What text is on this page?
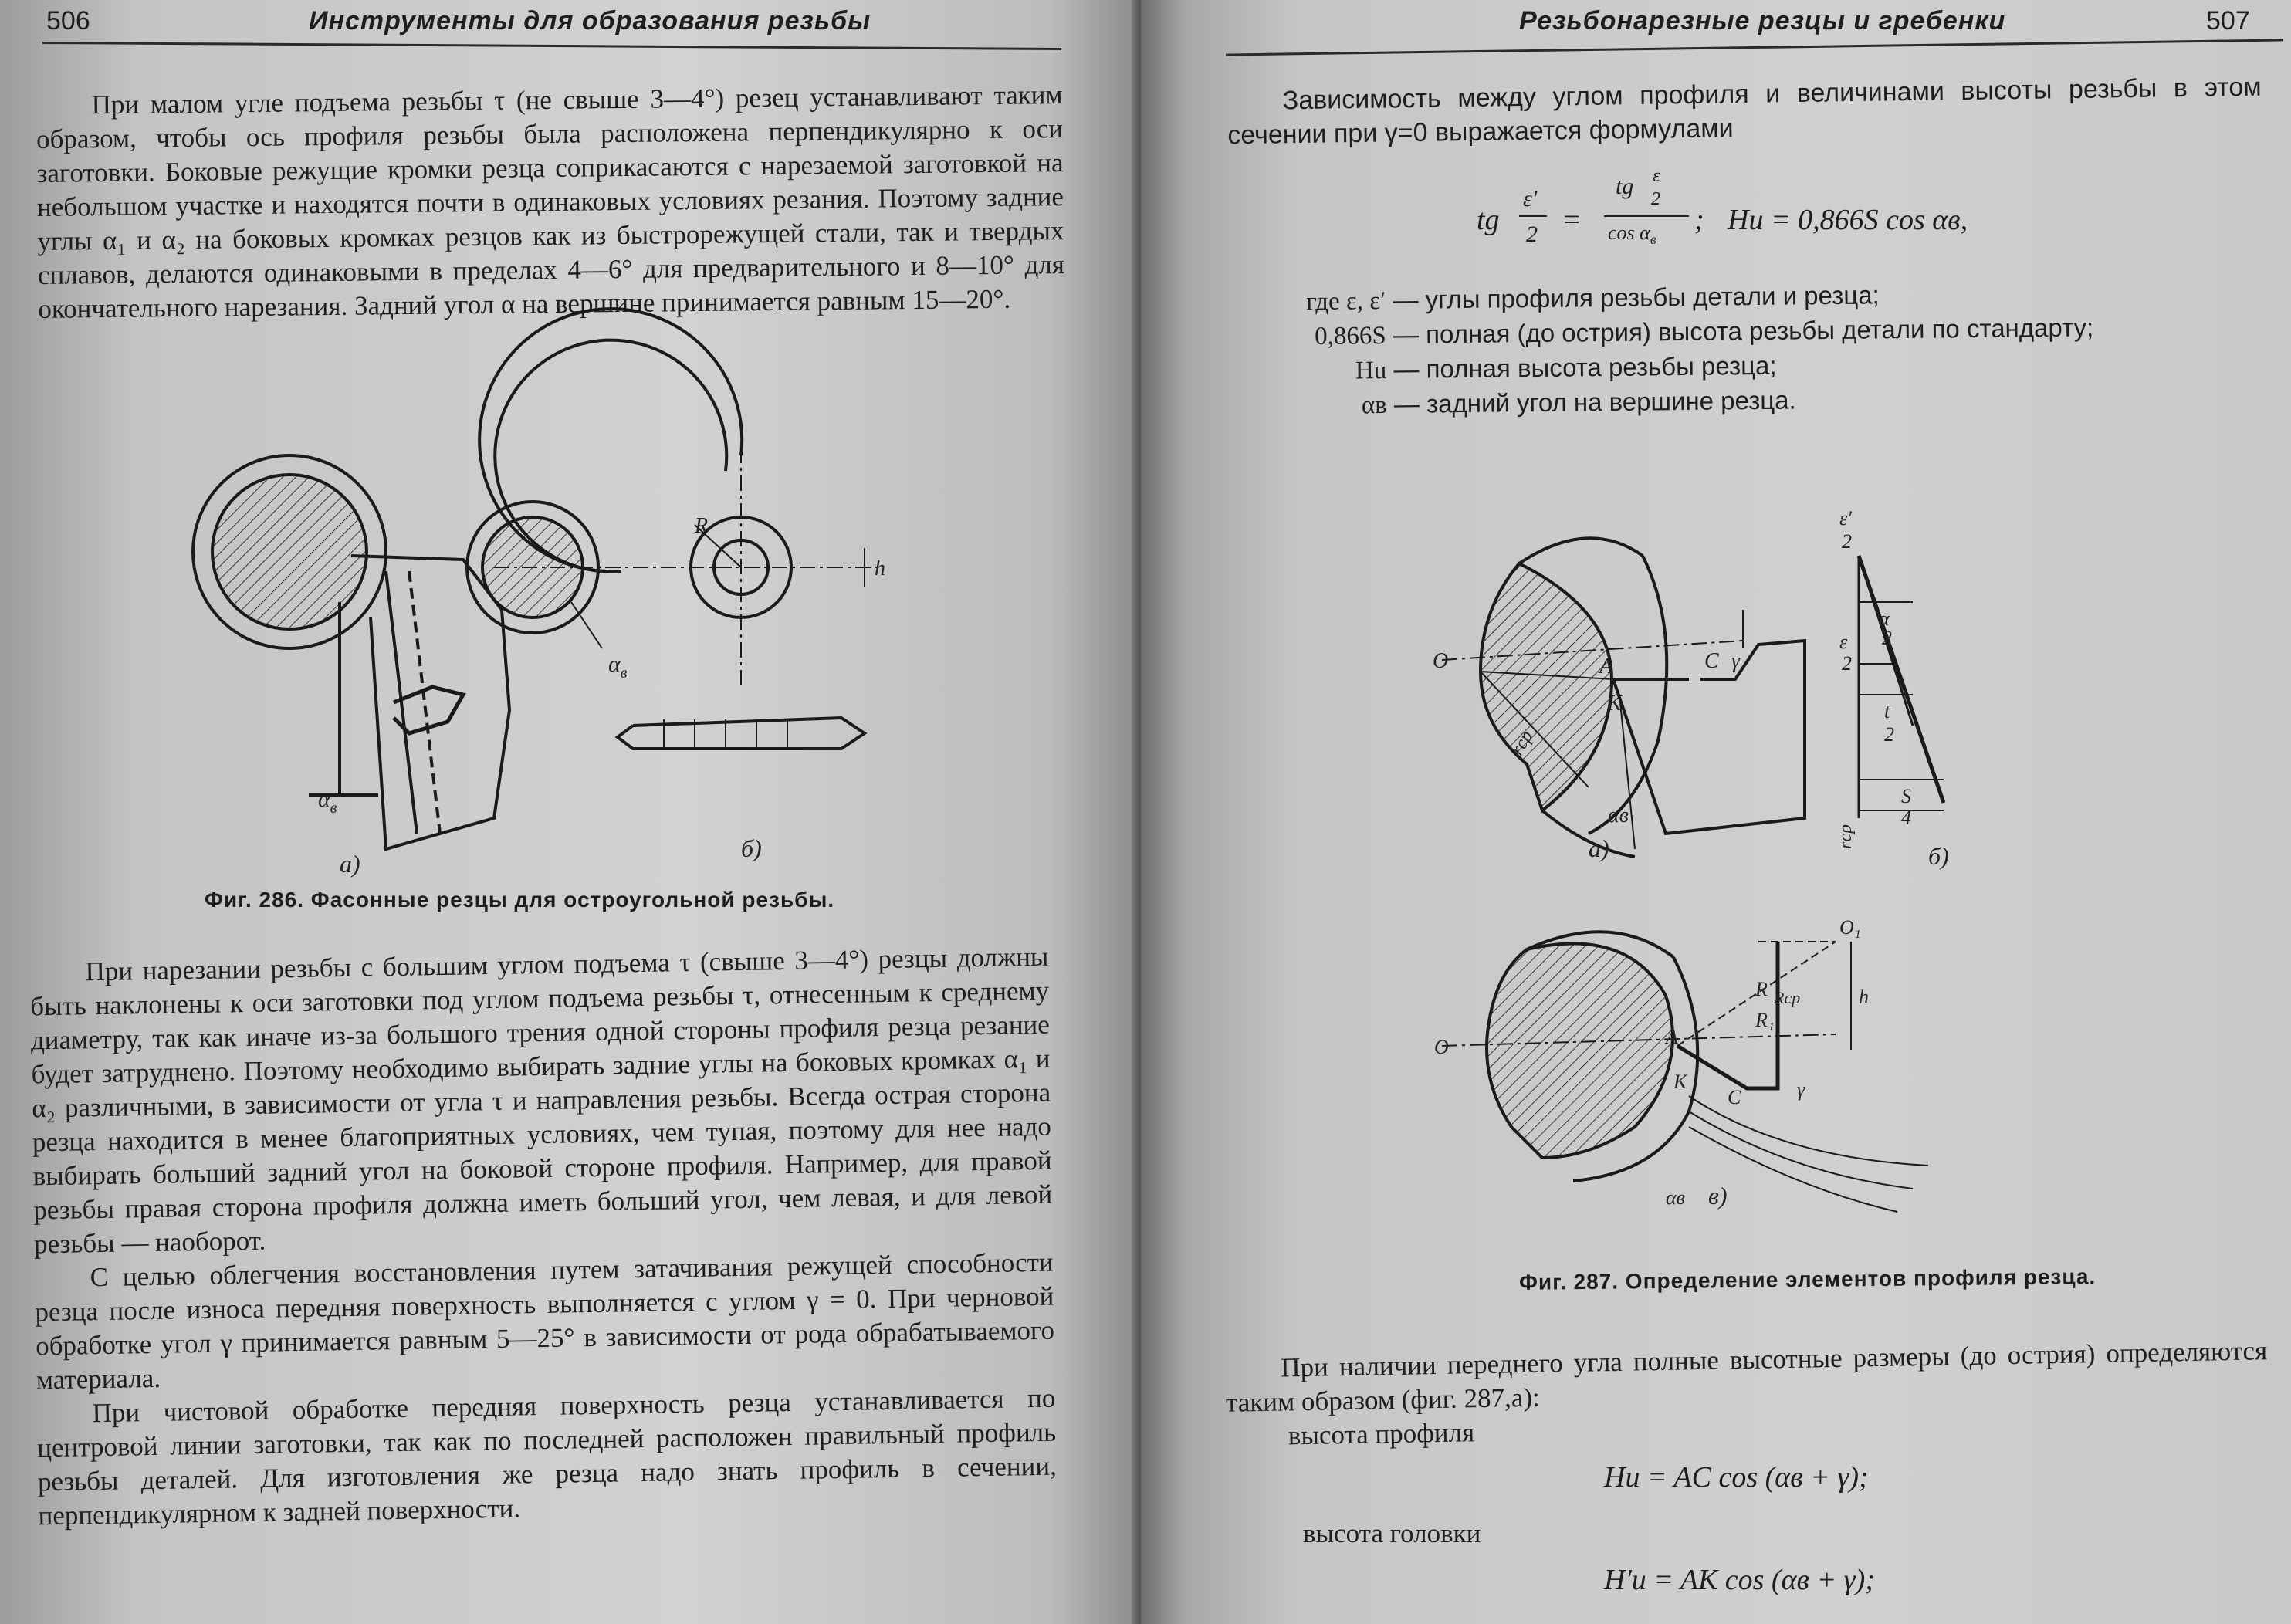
506	Инструменты для образования резьбы

При малом угле подъема резьбы τ (не свыше 3—4°) резец устанавливают таким образом, чтобы ось профиля резьбы была расположена перпендикулярно к оси заготовки. Боковые режущие кромки резца соприкасаются с нарезаемой заготовкой на небольшом участке и находятся почти в одинаковых условиях резания. Поэтому задние углы α₁ и α₂ на боковых кромках резцов как из быстрорежущей стали, так и твердых сплавов, делаются одинаковыми в пределах 4—6° для предварительного и 8—10° для окончательного нарезания. Задний угол α на вершине принимается равным 15—20°.

$\alpha_в$
$\alpha_в$
R
h
а)
б)
Фиг. 286. Фасонные резцы для остроугольной резьбы.

При нарезании резьбы с большим углом подъема τ (свыше 3—4°) резцы должны быть наклонены к оси заготовки под углом подъема резьбы τ, отнесенным к среднему диаметру, так как иначе из-за большого трения одной стороны профиля резца резание будет затруднено. Поэтому необходимо выбирать задние углы на боковых кромках α₁ и α₂ различными, в зависимости от угла τ и направления резьбы. Всегда острая сторона резца находится в менее благоприятных условиях, чем тупая, поэтому для нее надо выбирать больший задний угол на боковой стороне профиля. Например, для правой резьбы правая сторона профиля должна иметь больший угол, чем левая, и для левой резьбы — наоборот.

С целью облегчения восстановления путем затачивания режущей способности резца после износа передняя поверхность выполняется с углом γ = 0. При черновой обработке угол γ принимается равным 5—25° в зависимости от рода обрабатываемого материала.

При чистовой обработке передняя поверхность резца устанавливается по центровой линии заготовки, так как по последней расположен правильный профиль резьбы деталей. Для изготовления же резца надо знать профиль в сечении, перпендикулярном к задней поверхности.

Резьбонарезные резцы и гребенки	507

Зависимость между углом профиля и величинами высоты резьбы в этом сечении при γ=0 выражается формулами

tg
ε′
2 =
tg ε
2
$\cos \alpha_в$
; Hu = 0,866S cos αв,
где ε, ε′ — углы профиля резьбы детали и резца;
0,866S — полная (до острия) высота резьбы детали по стандарту;
Hu — полная высота резьбы резца;
αв — задний угол на вершине резца.
O	A
K
C γ
rср
αв
а)
ε′
2
α
2
ε
2
t
2
S
4
rср
б)
O₁
h
R Rср
R₁
O	A
K
C	γ
αв в)
Фиг. 287. Определение элементов профиля резца.

При наличии переднего угла полные высотные размеры (до острия) определяются таким образом (фиг. 287,а):

высота профиля

Hu = AC cos (αв + γ);

высота головки

H′u = AK cos (αв + γ);
